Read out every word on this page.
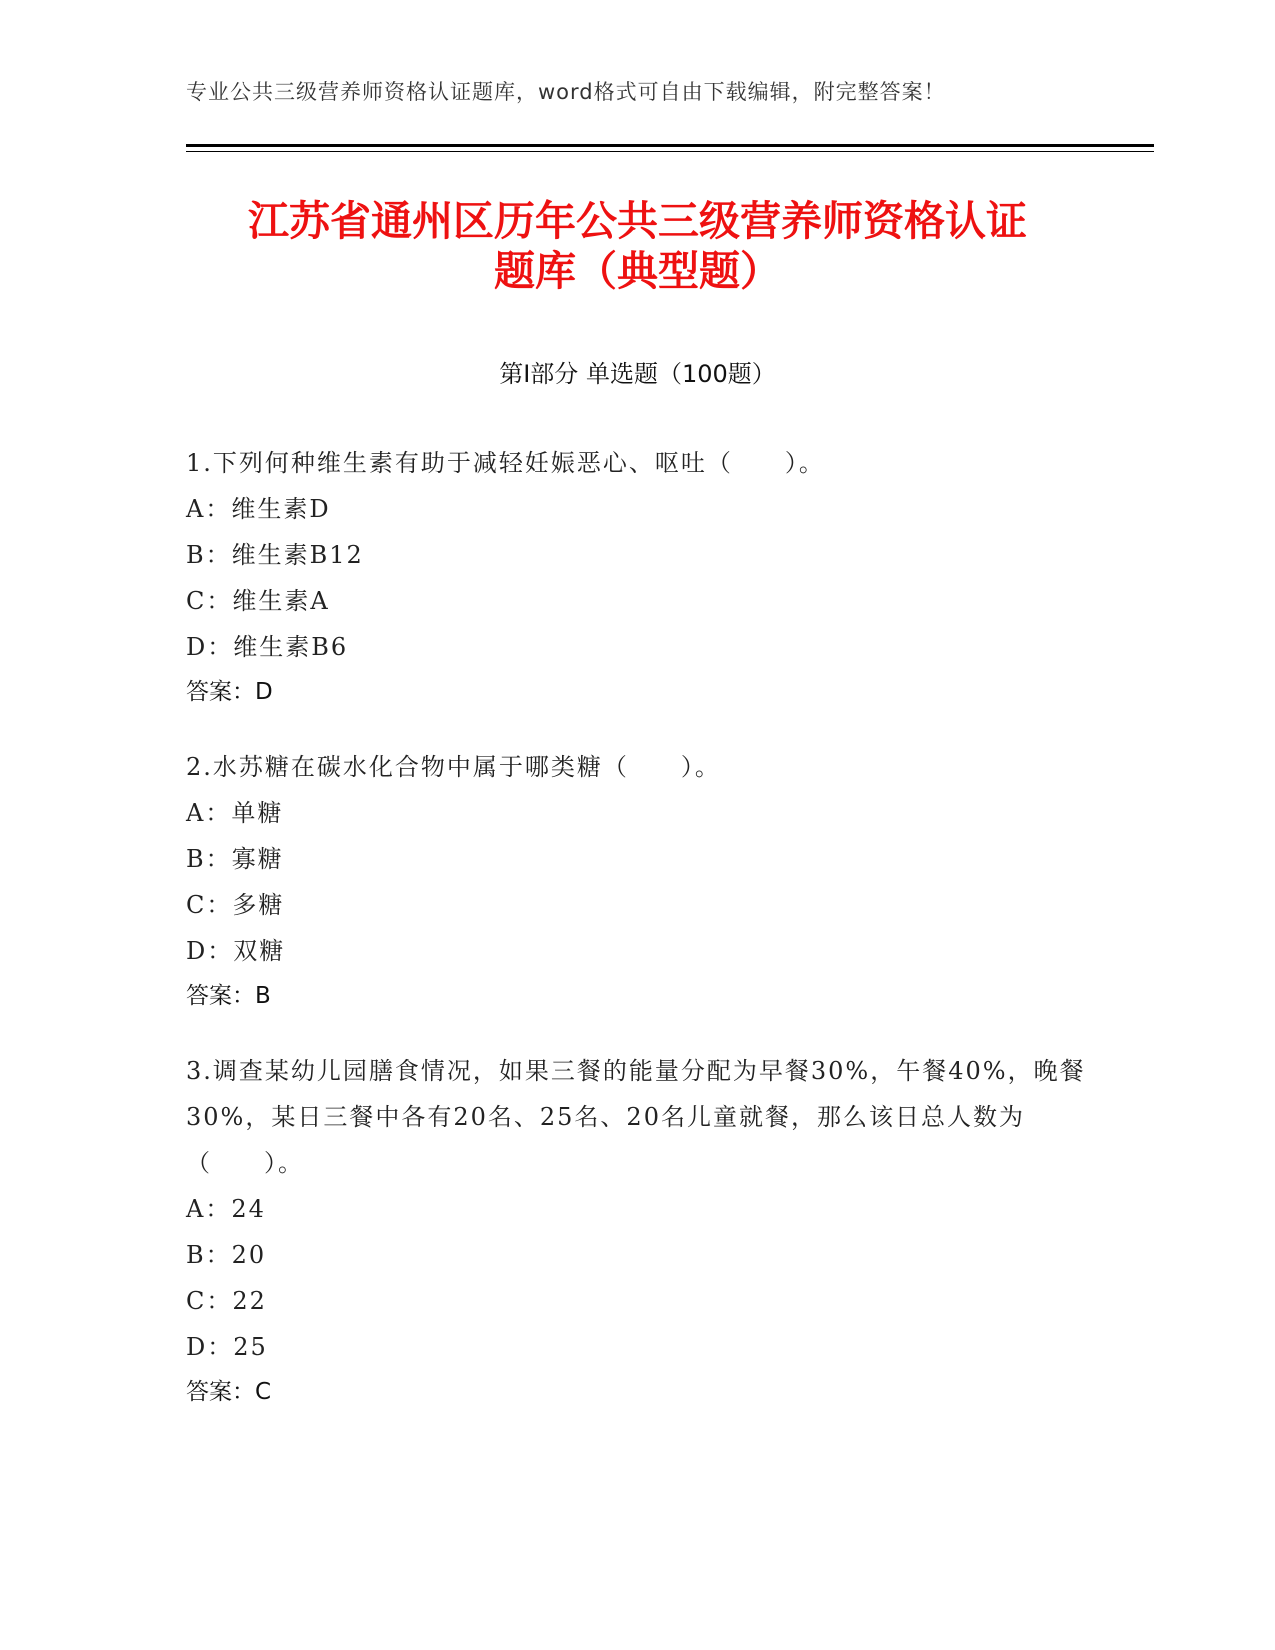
专业公共三级营养师资格认证题库，word格式可自由下载编辑，附完整答案！
江苏省通州区历年公共三级营养师资格认证
题库（典型题）
第Ⅰ部分 单选题（100题）

1.下列何种维生素有助于减轻妊娠恶心、呕吐（　　）。

A：维生素D

B：维生素B12

C：维生素A

D：维生素B6

答案：D

2.水苏糖在碳水化合物中属于哪类糖（　　）。

A：单糖

B：寡糖

C：多糖

D：双糖

答案：B

3.调查某幼儿园膳食情况，如果三餐的能量分配为早餐30%，午餐40%，晚餐30%，某日三餐中各有20名、25名、20名儿童就餐，那么该日总人数为（　　）。

A：24

B：20

C：22

D：25

答案：C
